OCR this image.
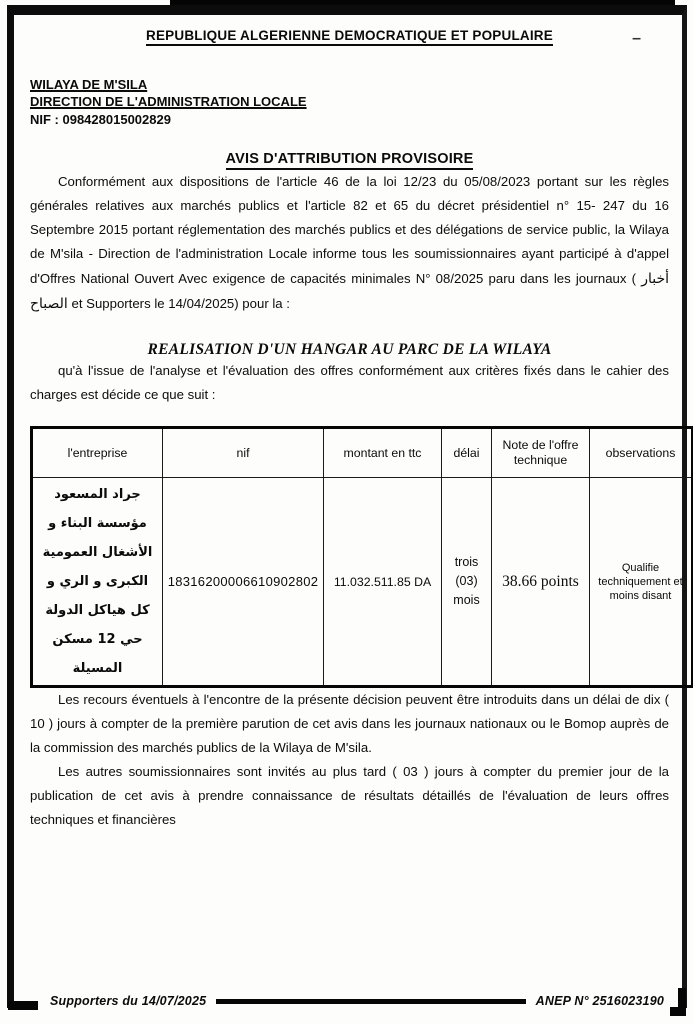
REPUBLIQUE ALGERIENNE DEMOCRATIQUE ET POPULAIRE	–
WILAYA DE M'SILA
DIRECTION DE L'ADMINISTRATION LOCALE
NIF : 098428015002829
AVIS D'ATTRIBUTION PROVISOIRE

Conformément aux dispositions de l'article 46 de la loi 12/23 du 05/08/2023 portant sur les règles générales relatives aux marchés publics et l'article 82 et 65 du décret présidentiel n° 15- 247 du 16 Septembre 2015 portant réglementation des marchés publics et des délégations de service public, la Wilaya de M'sila - Direction de l'administration Locale informe tous les soumissionnaires ayant participé à d'appel d'Offres National Ouvert Avec exigence de capacités minimales N° 08/2025 paru dans les journaux ( أخبار الصباح et Supporters le 14/04/2025) pour la :

REALISATION D'UN HANGAR AU PARC DE LA WILAYA

qu'à l'issue de l'analyse et l'évaluation des offres conformément aux critères fixés dans le cahier des charges est décide ce que suit :

l'entreprise	nif	montant en ttc	délai	Note de l'offre technique	observations
جراد المسعود مؤسسة البناء و الأشغال العمومية الكبرى و الري و كل هياكل الدولة حي 12 مسكن المسيلة	18316200006610902802	11.032.511.85 DA	trois (03) mois	38.66 points	Qualifie techniquement et moins disant

Les recours éventuels à l'encontre de la présente décision peuvent être introduits dans un délai de dix ( 10 ) jours à compter de la première parution de cet avis dans les journaux nationaux ou le Bomop auprès de la commission des marchés publics de la Wilaya de M'sila.

Les autres soumissionnaires sont invités au plus tard ( 03 ) jours à compter du premier jour de la publication de cet avis à prendre connaissance de résultats détaillés de l'évaluation de leurs offres techniques et financières

Supporters du 14/07/2025	ANEP N° 2516023190
